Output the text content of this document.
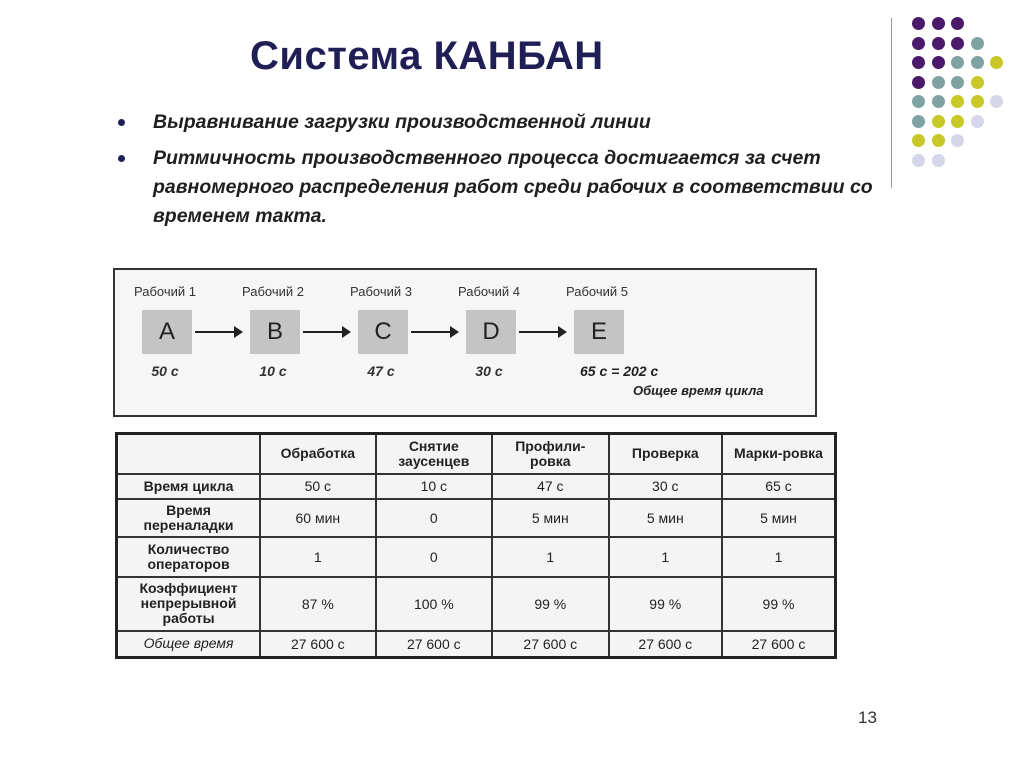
Система КАНБАН
Выравнивание загрузки производственной линии
Ритмичность производственного процесса достигается за счет равномерного распределения работ среди рабочих в соответствии со временем такта.
Рабочий 1	Рабочий 2	Рабочий 3	Рабочий 4	Рабочий 5
A	B	C	D	E
50 с	10 с	47 с	30 с	65 с = 202 с
Общее время цикла
	Обработка	Снятие заусенцев	Профили-ровка	Проверка	Марки-ровка
Время цикла	50 с	10 с	47 с	30 с	65 с
Время переналадки	60 мин	0	5 мин	5 мин	5 мин
Количество операторов	1	0	1	1	1
Коэффициент непрерывной работы	87 %	100 %	99 %	99 %	99 %
Общее время	27 600 с	27 600 с	27 600 с	27 600 с	27 600 с
13
